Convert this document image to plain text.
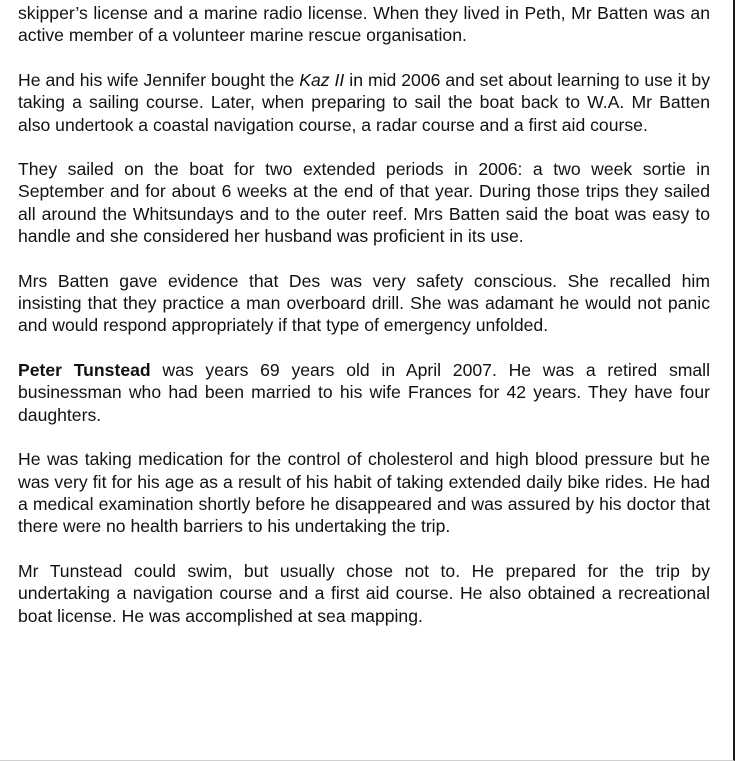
skipper’s license and a marine radio license. When they lived in Peth, Mr Batten was an active member of a volunteer marine rescue organisation.

He and his wife Jennifer bought the Kaz II in mid 2006 and set about learning to use it by taking a sailing course. Later, when preparing to sail the boat back to W.A. Mr Batten also undertook a coastal navigation course, a radar course and a first aid course.

They sailed on the boat for two extended periods in 2006: a two week sortie in September and for about 6 weeks at the end of that year. During those trips they sailed all around the Whitsundays and to the outer reef. Mrs Batten said the boat was easy to handle and she considered her husband was proficient in its use.

Mrs Batten gave evidence that Des was very safety conscious. She recalled him insisting that they practice a man overboard drill. She was adamant he would not panic and would respond appropriately if that type of emergency unfolded.

Peter Tunstead was years 69 years old in April 2007. He was a retired small businessman who had been married to his wife Frances for 42 years. They have four daughters.

He was taking medication for the control of cholesterol and high blood pressure but he was very fit for his age as a result of his habit of taking extended daily bike rides. He had a medical examination shortly before he disappeared and was assured by his doctor that there were no health barriers to his undertaking the trip.

Mr Tunstead could swim, but usually chose not to. He prepared for the trip by undertaking a navigation course and a first aid course. He also obtained a recreational boat license. He was accomplished at sea mapping.
